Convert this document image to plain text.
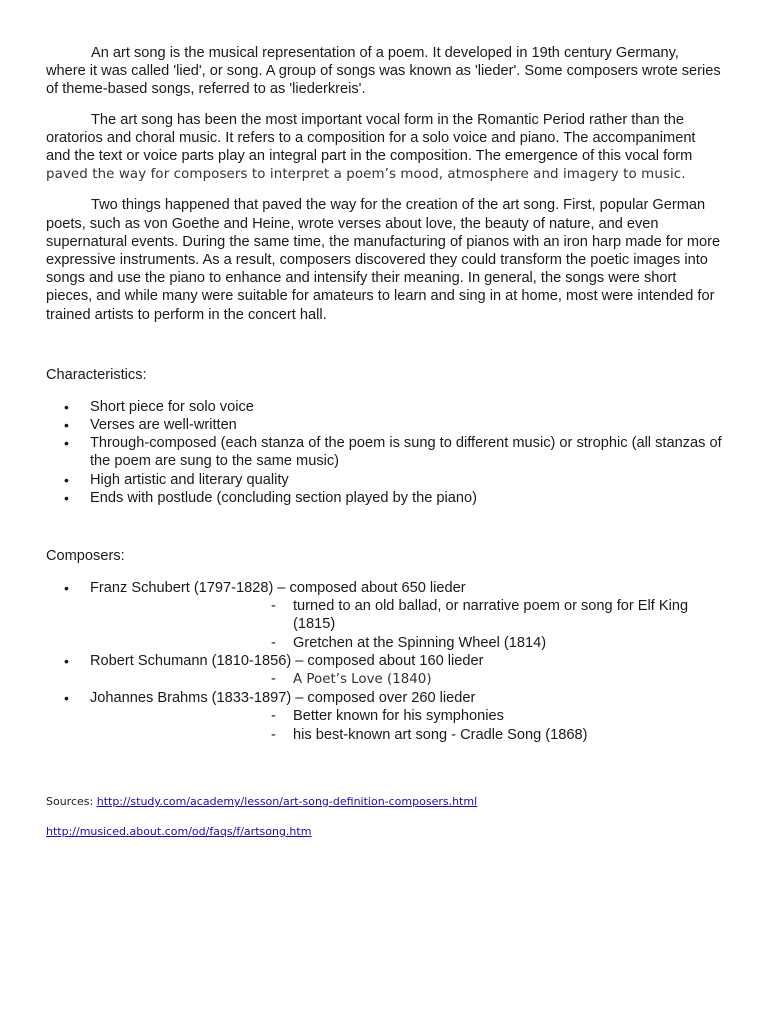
An art song is the musical representation of a poem. It developed in 19th century Germany, where it was called 'lied', or song. A group of songs was known as 'lieder'. Some composers wrote series of theme-based songs, referred to as 'liederkreis'.

The art song has been the most important vocal form in the Romantic Period rather than the oratorios and choral music. It refers to a composition for a solo voice and piano. The accompaniment and the text or voice parts play an integral part in the composition. The emergence of this vocal form paved the way for composers to interpret a poem’s mood, atmosphere and imagery to music.

Two things happened that paved the way for the creation of the art song. First, popular German poets, such as von Goethe and Heine, wrote verses about love, the beauty of nature, and even supernatural events. During the same time, the manufacturing of pianos with an iron harp made for more expressive instruments. As a result, composers discovered they could transform the poetic images into songs and use the piano to enhance and intensify their meaning. In general, the songs were short pieces, and while many were suitable for amateurs to learn and sing in at home, most were intended for trained artists to perform in the concert hall.

Characteristics:

• Short piece for solo voice
• Verses are well-written
• Through-composed (each stanza of the poem is sung to different music) or strophic (all stanzas of the poem are sung to the same music)
• High artistic and literary quality
• Ends with postlude (concluding section played by the piano)

Composers:

• Franz Schubert (1797-1828) – composed about 650 lieder
- turned to an old ballad, or narrative poem or song for Elf King (1815)
- Gretchen at the Spinning Wheel (1814)
• Robert Schumann (1810-1856) – composed about 160 lieder
- A Poet’s Love (1840)
• Johannes Brahms (1833-1897) – composed over 260 lieder
- Better known for his symphonies
- his best-known art song - Cradle Song (1868)
Sources: http://study.com/academy/lesson/art-song-definition-composers.html
http://musiced.about.com/od/faqs/f/artsong.htm
